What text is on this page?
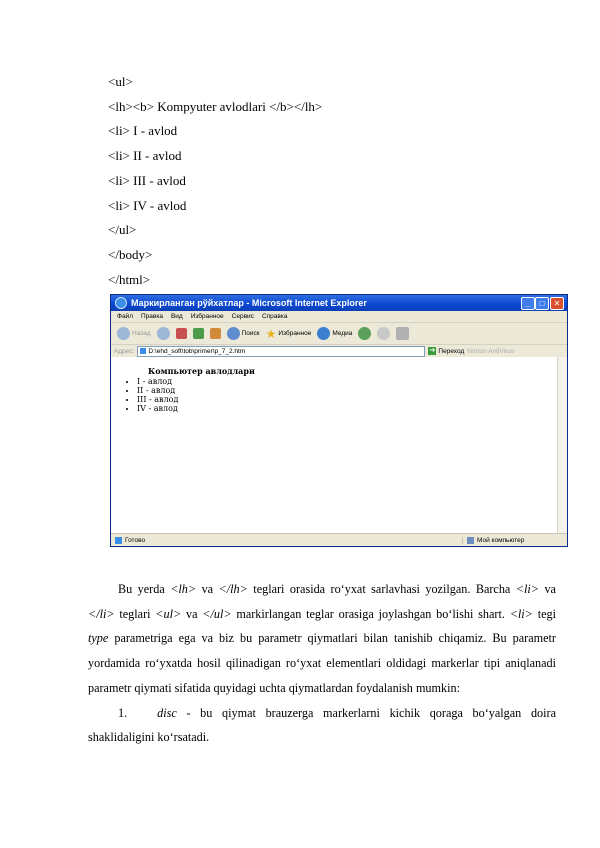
<ul>
<lh><b> Kompyuter avlodlari </b></lh>
<li> I - avlod
<li> II - avlod
<li> III - avlod
<li> IV - avlod
</ul>
</body>
</html>
Маркирланган рўйхатлар - Microsoft Internet Explorer	_	□	✕
Файл Правка Вид Избранное Сервис Справка
Назад	Поиск ★ Избранное	Медиа
Адрес: D:\ehd_soft\tob\primer\p_7_2.htm	➜ Переход Norton AntiVirus
Компьютер авлодлари
• I - авлод
• II - авлод
• III - авлод
• IV - авлод
Готово	Мой компьютер

Bu yerda <lh> va </lh> teglari orasida ro‘yxat sarlavhasi yozilgan. Barcha <li> va </li> teglari <ul> va </ul> markirlangan teglar orasiga joylashgan bo‘lishi shart. <li> tegi type parametriga ega va biz bu parametr qiymatlari bilan tanishib chiqamiz. Bu parametr yordamida ro‘yxatda hosil qilinadigan ro‘yxat elementlari oldidagi markerlar tipi aniqlanadi parametr qiymati sifatida quyidagi uchta qiymatlardan foydalanish mumkin:

1. disc - bu qiymat brauzerga markerlarni kichik qoraga bo‘yalgan doira shaklidaligini ko‘rsatadi.
